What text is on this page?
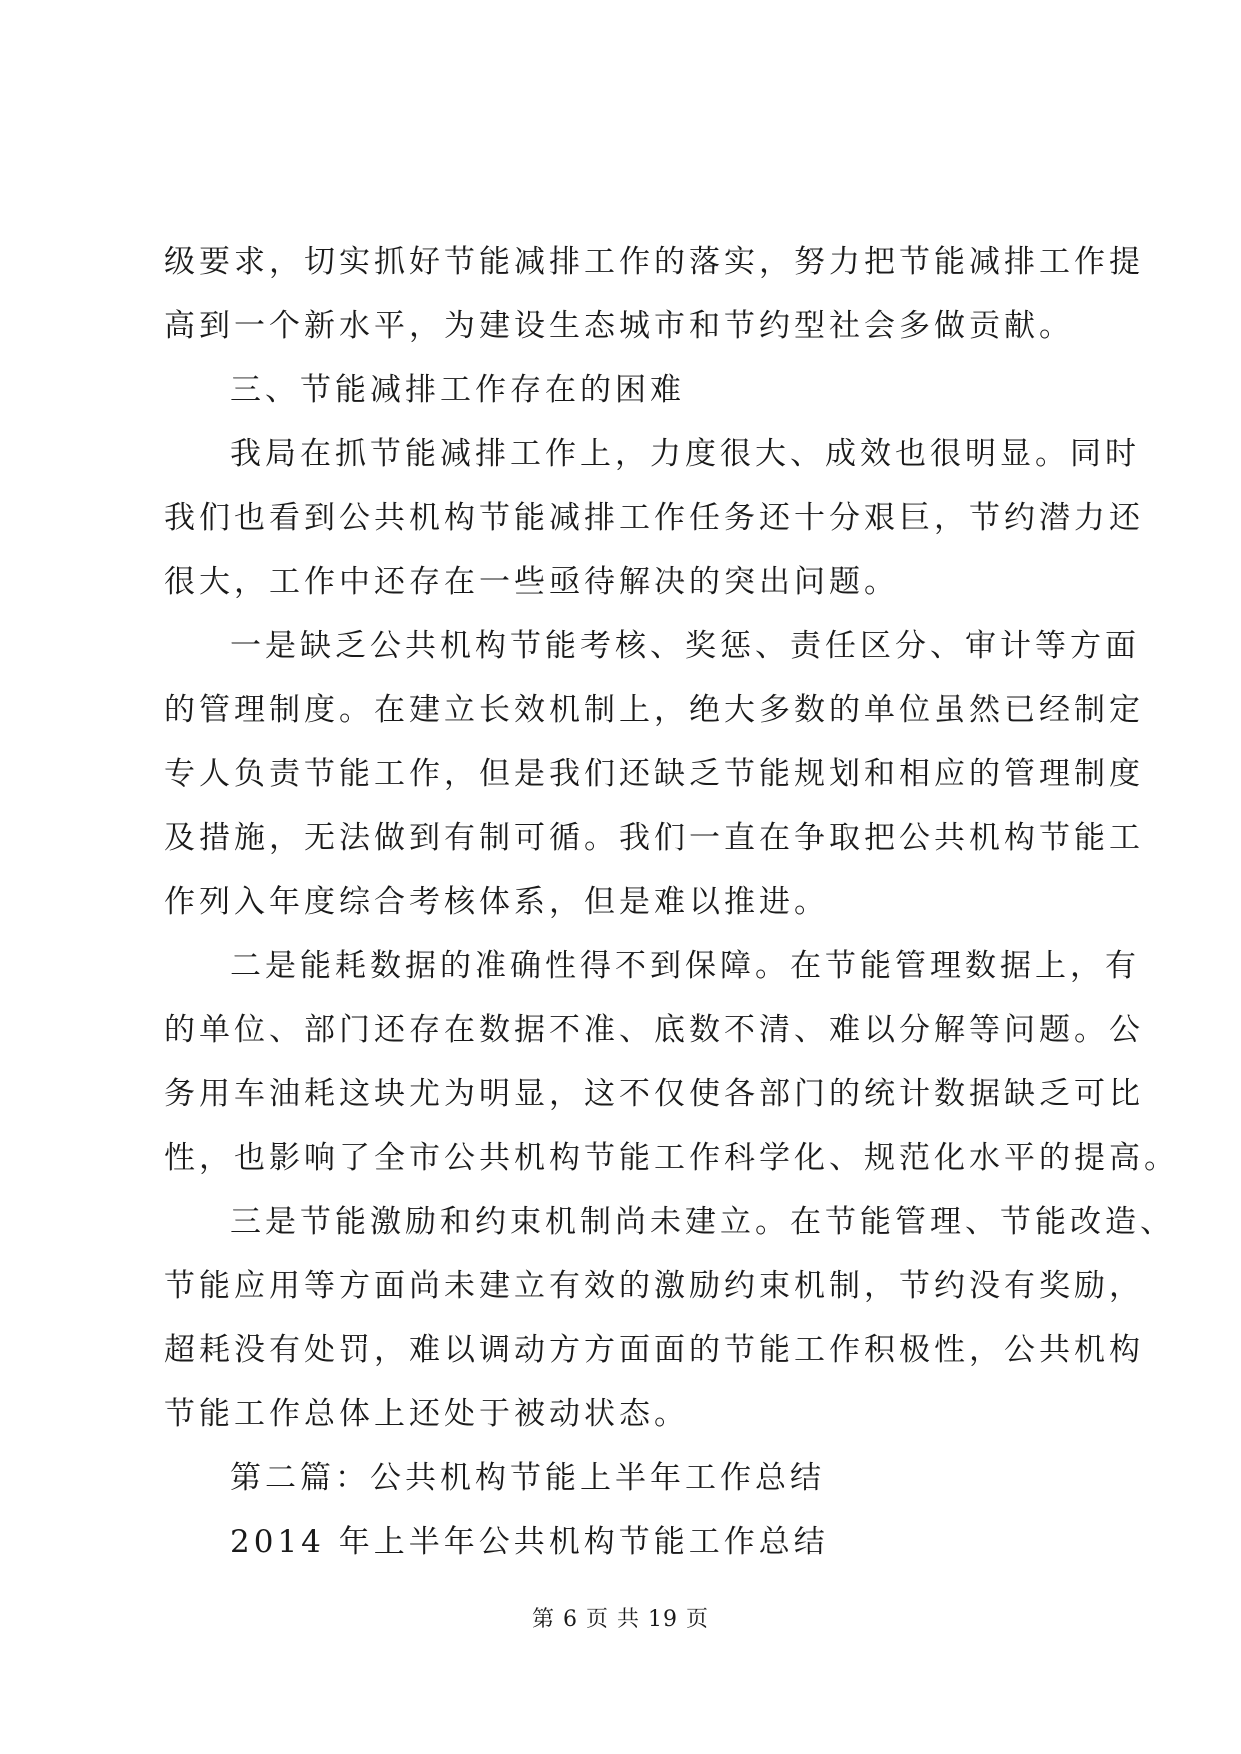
级要求，切实抓好节能减排工作的落实，努力把节能减排工作提
高到一个新水平，为建设生态城市和节约型社会多做贡献。
三、节能减排工作存在的困难
我局在抓节能减排工作上，力度很大、成效也很明显。同时
我们也看到公共机构节能减排工作任务还十分艰巨，节约潜力还
很大，工作中还存在一些亟待解决的突出问题。
一是缺乏公共机构节能考核、奖惩、责任区分、审计等方面
的管理制度。在建立长效机制上，绝大多数的单位虽然已经制定
专人负责节能工作，但是我们还缺乏节能规划和相应的管理制度
及措施，无法做到有制可循。我们一直在争取把公共机构节能工
作列入年度综合考核体系，但是难以推进。
二是能耗数据的准确性得不到保障。在节能管理数据上，有
的单位、部门还存在数据不准、底数不清、难以分解等问题。公
务用车油耗这块尤为明显，这不仅使各部门的统计数据缺乏可比
性，也影响了全市公共机构节能工作科学化、规范化水平的提高。
三是节能激励和约束机制尚未建立。在节能管理、节能改造、
节能应用等方面尚未建立有效的激励约束机制，节约没有奖励，
超耗没有处罚，难以调动方方面面的节能工作积极性，公共机构
节能工作总体上还处于被动状态。
第二篇：公共机构节能上半年工作总结
2014 年上半年公共机构节能工作总结
第 6 页 共 19 页
